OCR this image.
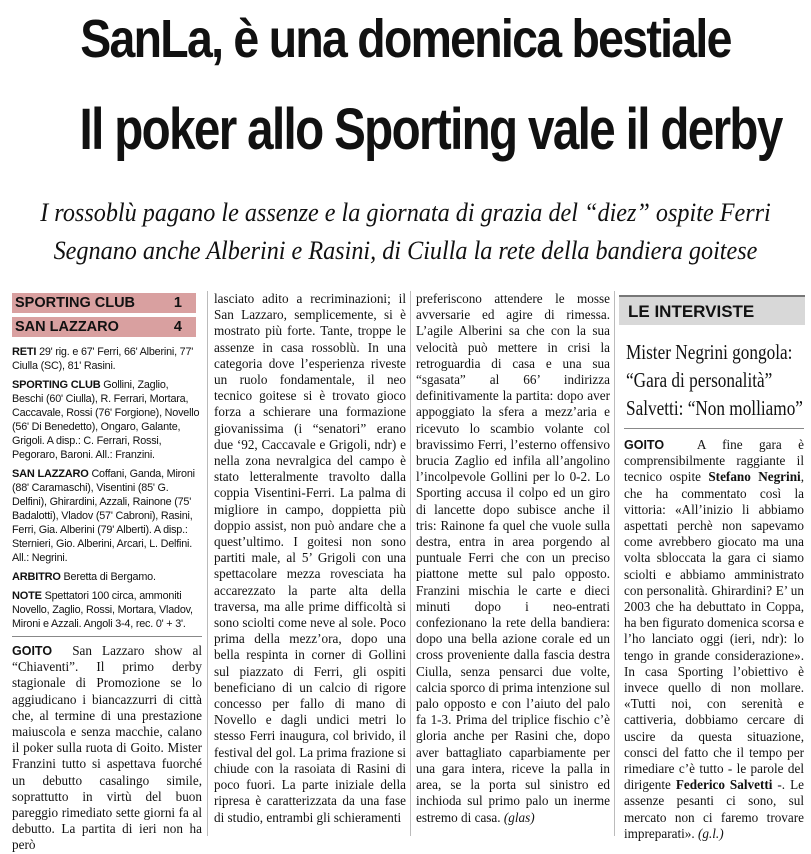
SanLa, è una domenica bestiale
Il poker allo Sporting vale il derby
I rossoblù pagano le assenze e la giornata di grazia del “diez” ospite Ferri
Segnano anche Alberini e Rasini, di Ciulla la rete della bandiera goitese
SPORTING CLUB	1
SAN LAZZARO	4

RETI 29' rig. e 67' Ferri, 66' Alberini, 77' Ciulla (SC), 81' Rasini.

SPORTING CLUB Gollini, Zaglio, Beschi (60' Ciulla), R. Ferrari, Mortara, Caccavale, Rossi (76' Forgione), Novello (56' Di Benedetto), Ongaro, Galante, Grigoli. A disp.: C. Ferrari, Rossi, Pegoraro, Baroni. All.: Franzini.

SAN LAZZARO Coffani, Ganda, Mironi (88' Caramaschi), Visentini (85' G. Delfini), Ghirardini, Azzali, Rainone (75' Badalotti), Vladov (57' Cabroni), Rasini, Ferri, Gia. Alberini (79' Alberti). A disp.: Sternieri, Gio. Alberini, Arcari, L. Delfini. All.: Negrini.

ARBITRO Beretta di Bergamo.

NOTE Spettatori 100 circa, ammoniti Novello, Zaglio, Rossi, Mortara, Vladov, Mironi e Azzali. Angoli 3-4, rec. 0' + 3'.

GOITO San Lazzaro show al “Chiaventi”. Il primo derby stagionale di Promozione se lo aggiudicano i biancazzurri di città che, al termine di una prestazione maiuscola e senza macchie, calano il poker sulla ruota di Goito. Mister Franzini tutto si aspettava fuorché un debutto casalingo simile, soprattutto in virtù del buon pareggio rimediato sette giorni fa al debutto. La partita di ieri non ha però

lasciato adito a recriminazioni; il San Lazzaro, semplicemente, si è mostrato più forte. Tante, troppe le assenze in casa rossoblù. In una categoria dove l’esperienza riveste un ruolo fondamentale, il neo tecnico goitese si è trovato gioco forza a schierare una formazione giovanissima (i “senatori” erano due ‘92, Caccavale e Grigoli, ndr) e nella zona nevralgica del campo è stato letteralmente travolto dalla coppia Visentini-Ferri. La palma di migliore in campo, doppietta più doppio assist, non può andare che a quest’ultimo. I goitesi non sono partiti male, al 5’ Grigoli con una spettacolare mezza rovesciata ha accarezzato la parte alta della traversa, ma alle prime difficoltà si sono sciolti come neve al sole. Poco prima della mezz’ora, dopo una bella respinta in corner di Gollini sul piazzato di Ferri, gli ospiti beneficiano di un calcio di rigore concesso per fallo di mano di Novello e dagli undici metri lo stesso Ferri inaugura, col brivido, il festival del gol. La prima frazione si chiude con la rasoiata di Rasini di poco fuori. La parte iniziale della ripresa è caratterizzata da una fase di studio, entrambi gli schieramenti

preferiscono attendere le mosse avversarie ed agire di rimessa. L’agile Alberini sa che con la sua velocità può mettere in crisi la retroguardia di casa e una sua “sgasata” al 66’ indirizza definitivamente la partita: dopo aver appoggiato la sfera a mezz’aria e ricevuto lo scambio volante col bravissimo Ferri, l’esterno offensivo brucia Zaglio ed infila all’angolino l’incolpevole Gollini per lo 0-2. Lo Sporting accusa il colpo ed un giro di lancette dopo subisce anche il tris: Rainone fa quel che vuole sulla destra, entra in area porgendo al puntuale Ferri che con un preciso piattone mette sul palo opposto. Franzini mischia le carte e dieci minuti dopo i neo-entrati confezionano la rete della bandiera: dopo una bella azione corale ed un cross proveniente dalla fascia destra Ciulla, senza pensarci due volte, calcia sporco di prima intenzione sul palo opposto e con l’aiuto del palo fa 1-3. Prima del triplice fischio c’è gloria anche per Rasini che, dopo aver battagliato caparbiamente per una gara intera, riceve la palla in area, se la porta sul sinistro ed inchioda sul primo palo un inerme estremo di casa. (glas)

LE INTERVISTE
Mister Negrini gongola:
“Gara di personalità”
Salvetti: “Non molliamo”

GOITO A fine gara è comprensibilmente raggiante il tecnico ospite Stefano Negrini, che ha commentato così la vittoria: «All’inizio li abbiamo aspettati perchè non sapevamo come avrebbero giocato ma una volta sbloccata la gara ci siamo sciolti e abbiamo amministrato con personalità. Ghirardini? E’ un 2003 che ha debuttato in Coppa, ha ben figurato domenica scorsa e l’ho lanciato oggi (ieri, ndr): lo tengo in grande considerazione». In casa Sporting l’obiettivo è invece quello di non mollare. «Tutti noi, con serenità e cattiveria, dobbiamo cercare di uscire da questa situazione, consci del fatto che il tempo per rimediare c’è tutto - le parole del dirigente Federico Salvetti -. Le assenze pesanti ci sono, sul mercato non ci faremo trovare impreparati». (g.l.)
